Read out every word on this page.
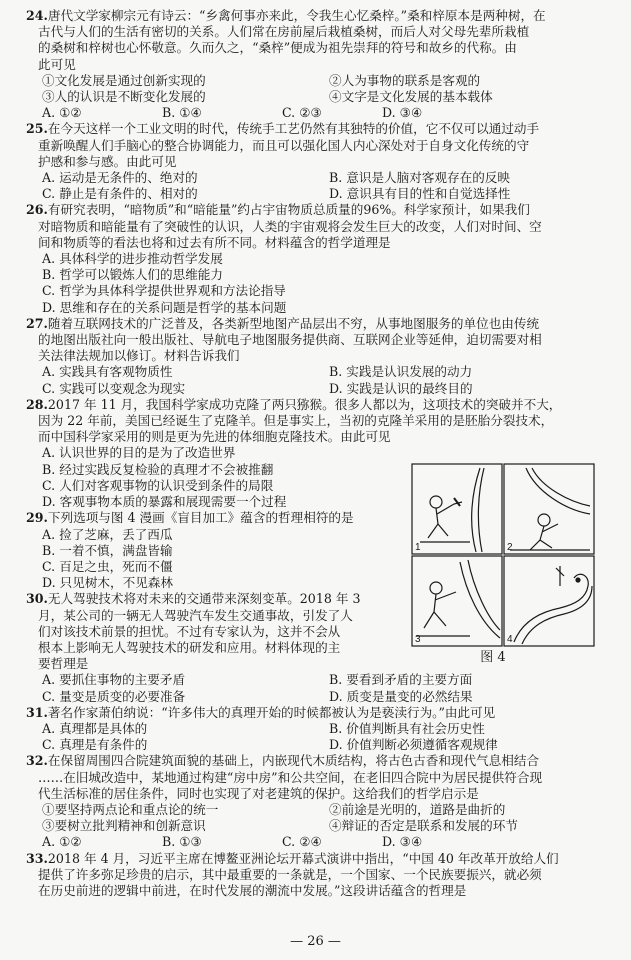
24.唐代文学家柳宗元有诗云：“乡禽何事亦来此，令我生心忆桑梓。”桑和梓原本是两种树，在
古代与人们的生活有密切的关系。人们常在房前屋后栽植桑树，而后人对父母先辈所栽植
的桑树和梓树也心怀敬意。久而久之，“桑梓”便成为祖先崇拜的符号和故乡的代称。由
此可见
①文化发展是通过创新实现的	②人为事物的联系是客观的
③人的认识是不断变化发展的	④文字是文化发展的基本载体
A. ①②	B. ①④	C. ②③	D. ③④
25.在今天这样一个工业文明的时代，传统手工艺仍然有其独特的价值，它不仅可以通过动手
重新唤醒人们手脑心的整合协调能力，而且可以强化国人内心深处对于自身文化传统的守
护感和参与感。由此可见
A. 运动是无条件的、绝对的	B. 意识是人脑对客观存在的反映
C. 静止是有条件的、相对的	D. 意识具有目的性和自觉选择性
26.有研究表明，“暗物质”和“暗能量”约占宇宙物质总质量的96%。科学家预计，如果我们
对暗物质和暗能量有了突破性的认识，人类的宇宙观将会发生巨大的改变，人们对时间、空
间和物质等的看法也将和过去有所不同。材料蕴含的哲学道理是
A. 具体科学的进步推动哲学发展
B. 哲学可以锻炼人们的思维能力
C. 哲学为具体科学提供世界观和方法论指导
D. 思维和存在的关系问题是哲学的基本问题
27.随着互联网技术的广泛普及，各类新型地图产品层出不穷，从事地图服务的单位也由传统
的地图出版社向一般出版社、导航电子地图服务提供商、互联网企业等延伸，迫切需要对相
关法律法规加以修订。材料告诉我们
A. 实践具有客观物质性	B. 实践是认识发展的动力
C. 实践可以变观念为现实	D. 实践是认识的最终目的
28.2017 年 11 月，我国科学家成功克隆了两只猕猴。很多人都以为，这项技术的突破并不大，
因为 22 年前，美国已经诞生了克隆羊。但是事实上，当初的克隆羊采用的是胚胎分裂技术，
而中国科学家采用的则是更为先进的体细胞克隆技术。由此可见
A. 认识世界的目的是为了改造世界
B. 经过实践反复检验的真理才不会被推翻
C. 人们对客观事物的认识受到条件的局限
D. 客观事物本质的暴露和展现需要一个过程
29.下列选项与图 4 漫画《盲目加工》蕴含的哲理相符的是
A. 捡了芝麻，丢了西瓜
B. 一着不慎，满盘皆输
C. 百足之虫，死而不僵
D. 只见树木，不见森林
30.无人驾驶技术将对未来的交通带来深刻变革。2018 年 3
月，某公司的一辆无人驾驶汽车发生交通事故，引发了人
们对该技术前景的担忧。不过有专家认为，这并不会从
根本上影响无人驾驶技术的研发和应用。材料体现的主
要哲理是
A. 要抓住事物的主要矛盾	B. 要看到矛盾的主要方面
C. 量变是质变的必要准备	D. 质变是量变的必然结果
31.著名作家萧伯纳说：“许多伟大的真理开始的时候都被认为是亵渎行为。”由此可见
A. 真理都是具体的	B. 价值判断具有社会历史性
C. 真理是有条件的	D. 价值判断必须遵循客观规律
32.在保留周围四合院建筑面貌的基础上，内嵌现代木质结构，将古色古香和现代气息相结合
……在旧城改造中，某地通过构建“房中房”和公共空间，在老旧四合院中为居民提供符合现
代生活标准的居住条件，同时也实现了对老建筑的保护。这给我们的哲学启示是
①要坚持两点论和重点论的统一	②前途是光明的，道路是曲折的
③要树立批判精神和创新意识	④辩证的否定是联系和发展的环节
A. ①②	B. ①③	C. ②④	D. ③④
33.2018 年 4 月，习近平主席在博鳌亚洲论坛开幕式演讲中指出，“中国 40 年改革开放给人们
提供了许多弥足珍贵的启示，其中最重要的一条就是，一个国家、一个民族要振兴，就必须
在历史前进的逻辑中前进，在时代发展的潮流中发展。”这段讲话蕴含的哲理是
1	2
3	4
图 4
— 26 —
